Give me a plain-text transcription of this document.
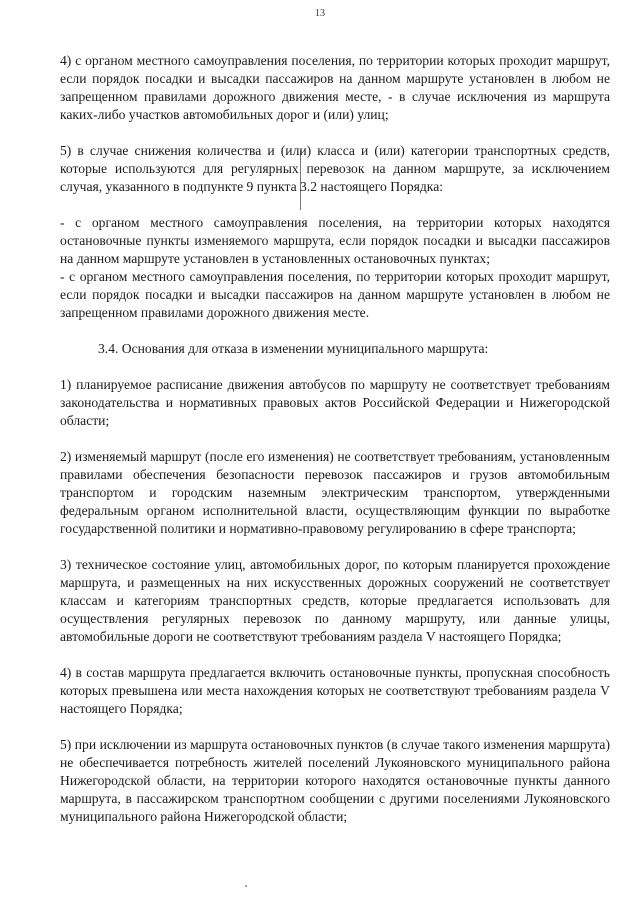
13

4) с органом местного самоуправления поселения, по территории которых проходит маршрут, если порядок посадки и высадки пассажиров на данном маршруте установлен в любом не запрещенном правилами дорожного движения месте, - в случае исключения из маршрута каких-либо участков автомобильных дорог и (или) улиц;

5) в случае снижения количества и (или) класса и (или) категории транспортных средств, которые используются для регулярных перевозок на данном маршруте, за исключением случая, указанного в подпункте 9 пункта 3.2 настоящего Порядка:

- с органом местного самоуправления поселения, на территории которых находятся остановочные пункты изменяемого маршрута, если порядок посадки и высадки пассажиров на данном маршруте установлен в установленных остановочных пунктах;

- с органом местного самоуправления поселения, по территории которых проходит маршрут, если порядок посадки и высадки пассажиров на данном маршруте установлен в любом не запрещенном правилами дорожного движения месте.

3.4. Основания для отказа в изменении муниципального маршрута:

1) планируемое расписание движения автобусов по маршруту не соответствует требованиям законодательства и нормативных правовых актов Российской Федерации и Нижегородской области;

2) изменяемый маршрут (после его изменения) не соответствует требованиям, установленным правилами обеспечения безопасности перевозок пассажиров и грузов автомобильным транспортом и городским наземным электрическим транспортом, утвержденными федеральным органом исполнительной власти, осуществляющим функции по выработке государственной политики и нормативно-правовому регулированию в сфере транспорта;

3) техническое состояние улиц, автомобильных дорог, по которым планируется прохождение маршрута, и размещенных на них искусственных дорожных сооружений не соответствует классам и категориям транспортных средств, которые предлагается использовать для осуществления регулярных перевозок по данному маршруту, или данные улицы, автомобильные дороги не соответствуют требованиям раздела V настоящего Порядка;

4) в состав маршрута предлагается включить остановочные пункты, пропускная способность которых превышена или места нахождения которых не соответствуют требованиям раздела V настоящего Порядка;

5) при исключении из маршрута остановочных пунктов (в случае такого изменения маршрута) не обеспечивается потребность жителей поселений Лукояновского муниципального района Нижегородской области, на территории которого находятся остановочные пункты данного маршрута, в пассажирском транспортном сообщении с другими поселениями Лукояновского муниципального района Нижегородской области;
